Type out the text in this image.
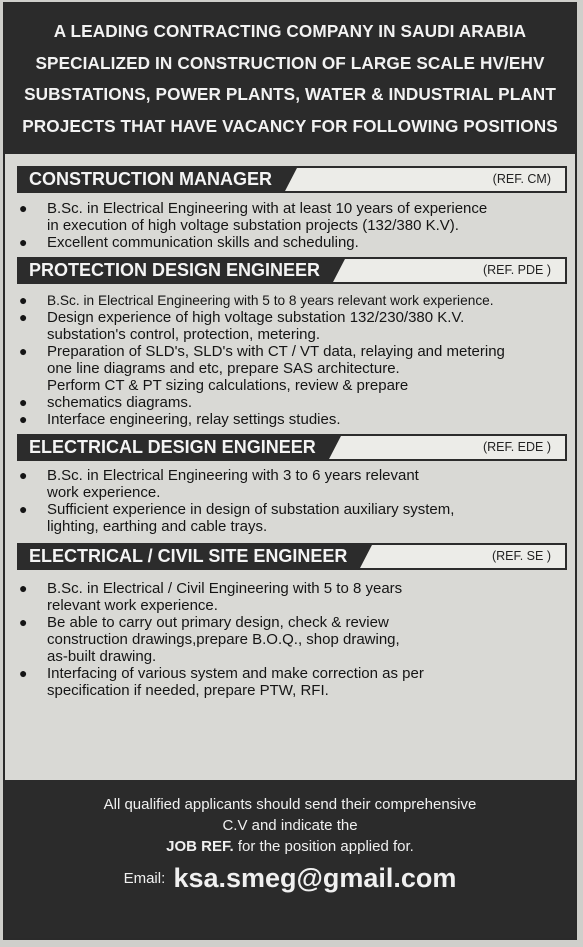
A LEADING CONTRACTING COMPANY IN SAUDI ARABIA
SPECIALIZED IN CONSTRUCTION OF LARGE SCALE HV/EHV
SUBSTATIONS, POWER PLANTS, WATER & INDUSTRIAL PLANT
PROJECTS THAT HAVE VACANCY FOR FOLLOWING POSITIONS
CONSTRUCTION MANAGER	(REF. CM)
● B.Sc. in Electrical Engineering with at least 10 years of experience
in execution of high voltage substation projects (132/380 K.V).
● Excellent communication skills and scheduling.
PROTECTION DESIGN ENGINEER	(REF. PDE )
● B.Sc. in Electrical Engineering with 5 to 8 years relevant work experience.
● Design experience of high voltage substation 132/230/380 K.V.
substation's control, protection, metering.
● Preparation of SLD's, SLD's with CT / VT data, relaying and metering
one line diagrams and etc, prepare SAS architecture.
Perform CT & PT sizing calculations, review & prepare
● schematics diagrams.
● Interface engineering, relay settings studies.
ELECTRICAL DESIGN ENGINEER	(REF. EDE )
● B.Sc. in Electrical Engineering with 3 to 6 years relevant
work experience.
● Sufficient experience in design of substation auxiliary system,
lighting, earthing and cable trays.
ELECTRICAL / CIVIL SITE ENGINEER	(REF. SE )
● B.Sc. in Electrical / Civil Engineering with 5 to 8 years
relevant work experience.
● Be able to carry out primary design, check & review
construction drawings,prepare B.O.Q., shop drawing,
as-built drawing.
● Interfacing of various system and make correction as per
specification if needed, prepare PTW, RFI.
All qualified applicants should send their comprehensive
C.V and indicate the
JOB REF. for the position applied for.
Email: ksa.smeg@gmail.com
